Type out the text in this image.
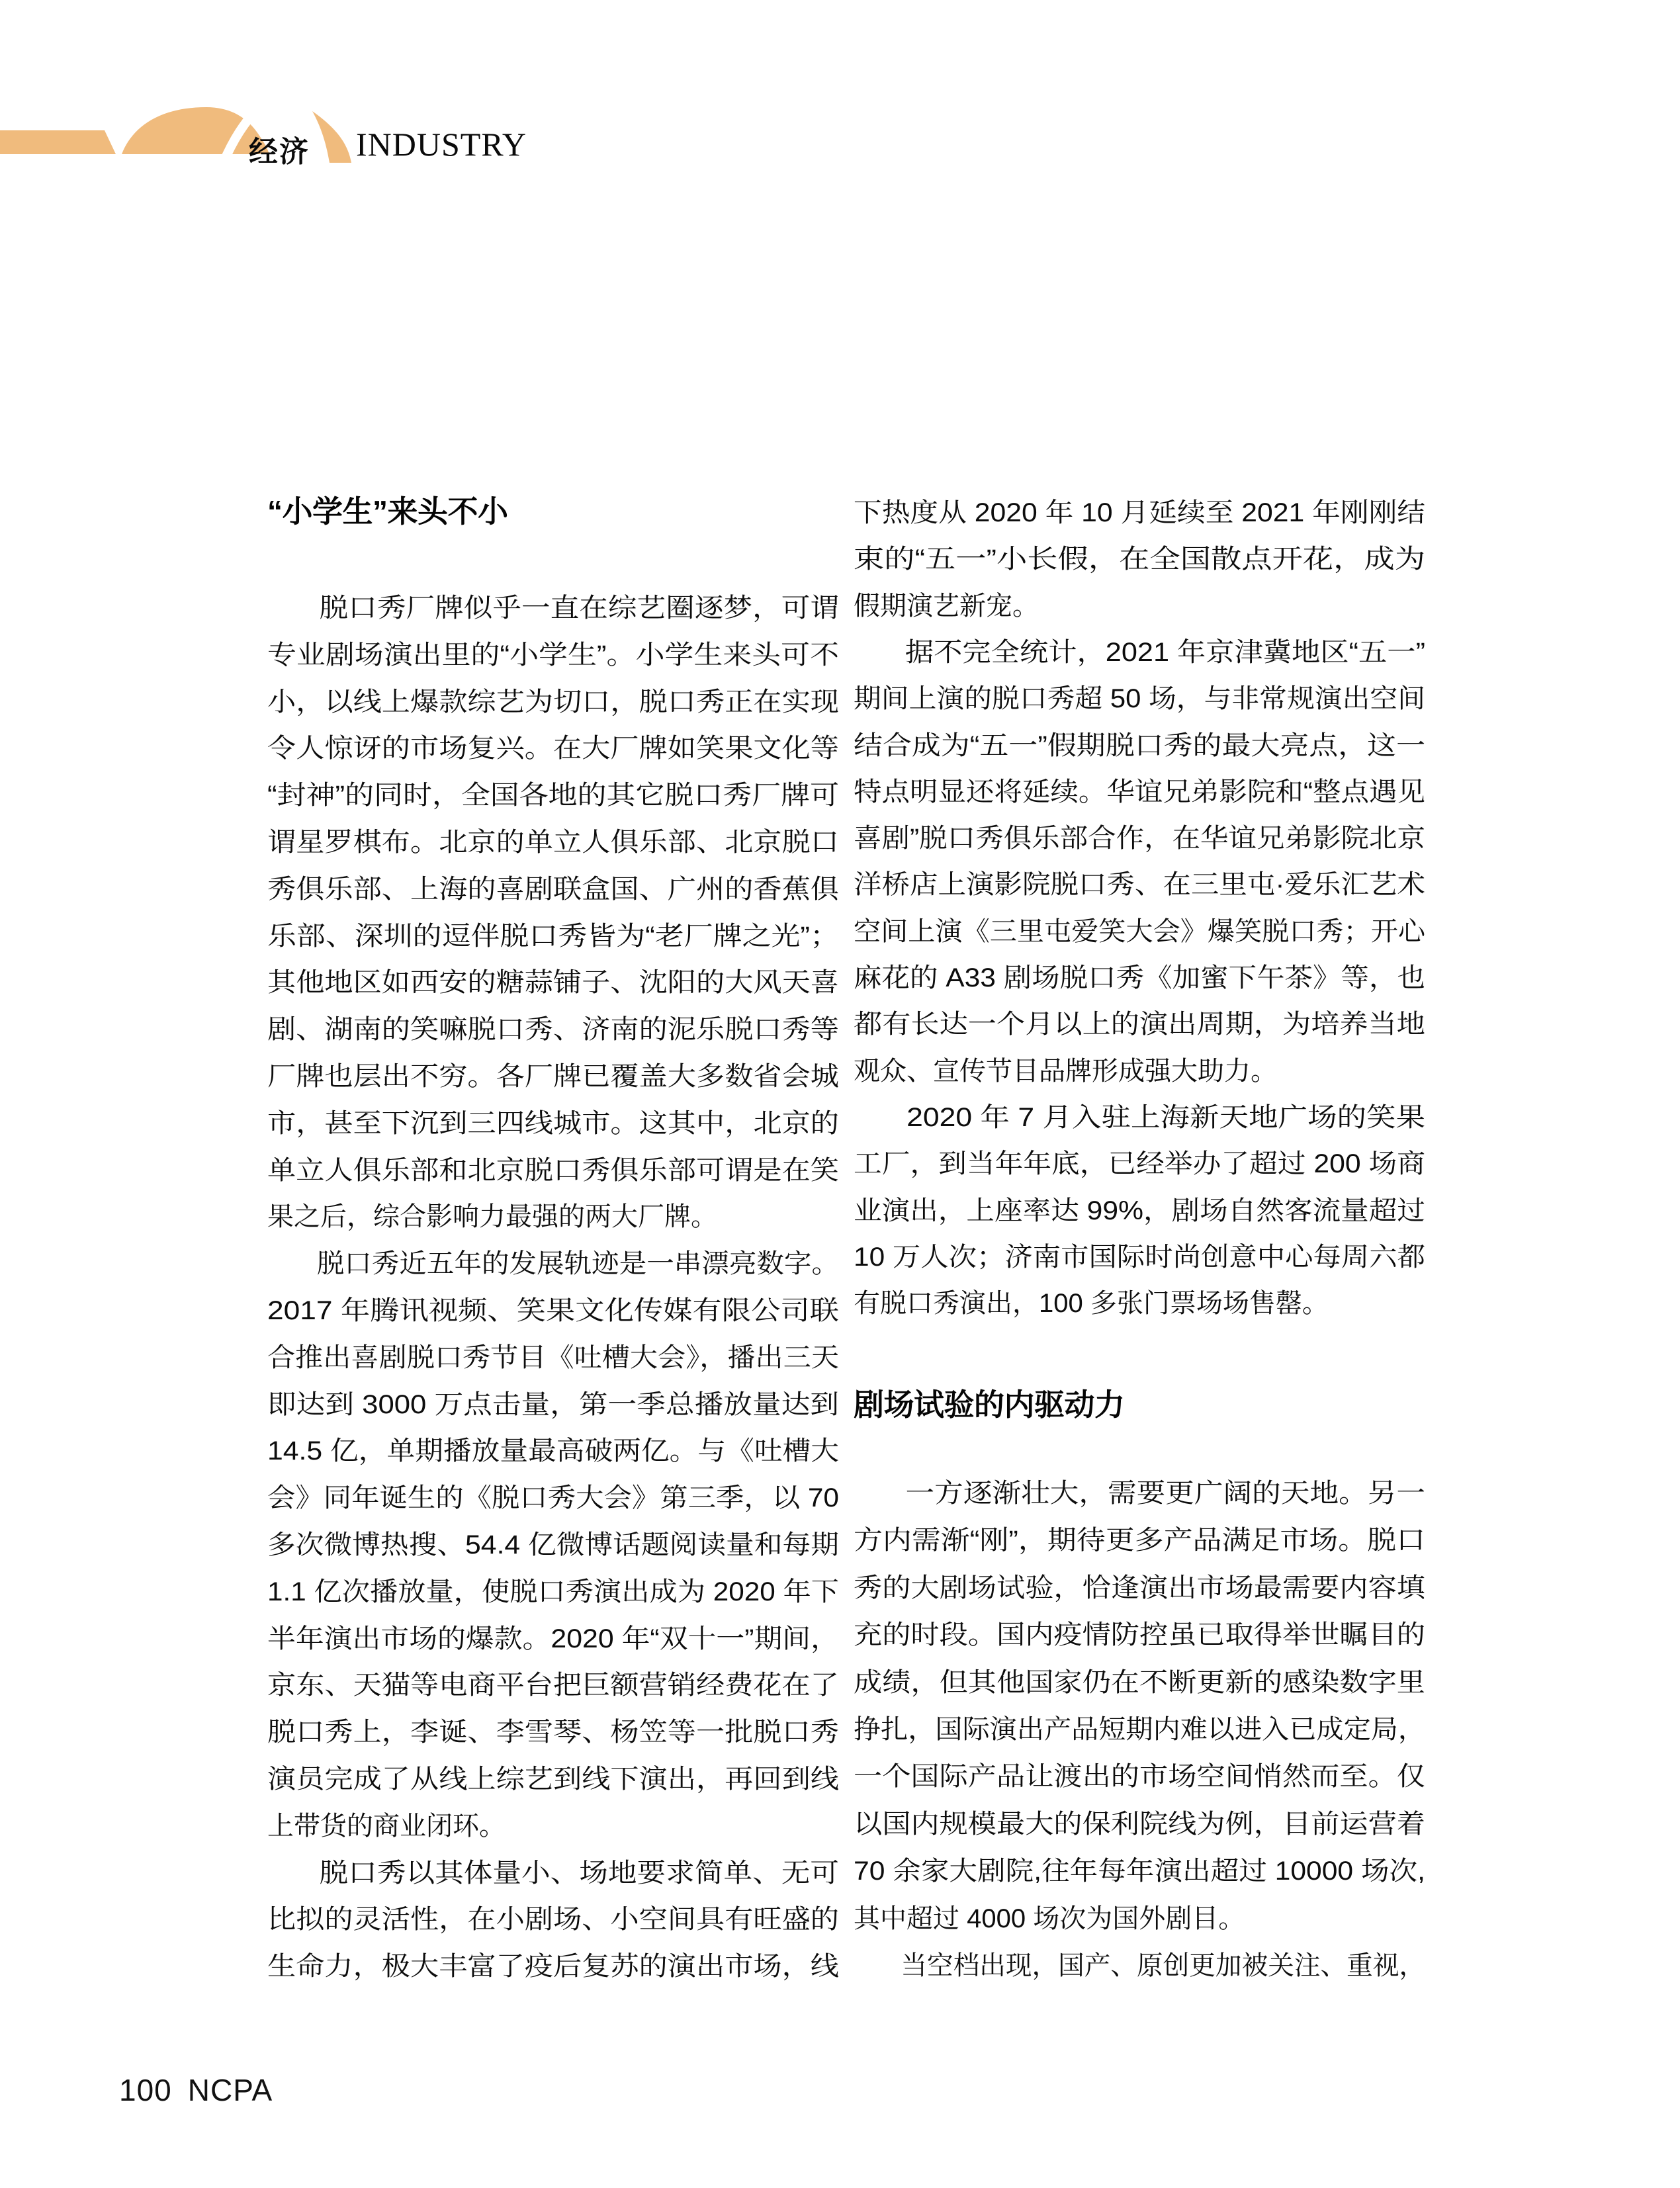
经济 INDUSTRY
“小学生”来头不小
脱口秀厂牌似乎一直在综艺圈逐梦，可谓
专业剧场演出里的“小学生”。小学生来头可不
小，以线上爆款综艺为切口，脱口秀正在实现
令人惊讶的市场复兴。在大厂牌如笑果文化等
“封神”的同时，全国各地的其它脱口秀厂牌可
谓星罗棋布。北京的单立人俱乐部、北京脱口
秀俱乐部、上海的喜剧联盒国、广州的香蕉俱
乐部、深圳的逗伴脱口秀皆为“老厂牌之光”；
其他地区如西安的糖蒜铺子、沈阳的大风天喜
剧、湖南的笑嘛脱口秀、济南的泥乐脱口秀等
厂牌也层出不穷。各厂牌已覆盖大多数省会城
市，甚至下沉到三四线城市。这其中，北京的
单立人俱乐部和北京脱口秀俱乐部可谓是在笑
果之后，综合影响力最强的两大厂牌。
脱口秀近五年的发展轨迹是一串漂亮数字。
2017 年腾讯视频、笑果文化传媒有限公司联
合推出喜剧脱口秀节目《吐槽大会》，播出三天
即达到 3000 万点击量，第一季总播放量达到
14.5 亿，单期播放量最高破两亿。与《吐槽大
会》同年诞生的《脱口秀大会》第三季，以 70
多次微博热搜、54.4 亿微博话题阅读量和每期
1.1 亿次播放量，使脱口秀演出成为 2020 年下
半年演出市场的爆款。2020 年“双十一”期间，
京东、天猫等电商平台把巨额营销经费花在了
脱口秀上，李诞、李雪琴、杨笠等一批脱口秀
演员完成了从线上综艺到线下演出，再回到线
上带货的商业闭环。
脱口秀以其体量小、场地要求简单、无可
比拟的灵活性，在小剧场、小空间具有旺盛的
生命力，极大丰富了疫后复苏的演出市场，线
下热度从 2020 年 10 月延续至 2021 年刚刚结
束的“五一”小长假，在全国散点开花，成为
假期演艺新宠。
据不完全统计，2021 年京津冀地区“五一”
期间上演的脱口秀超 50 场，与非常规演出空间
结合成为“五一”假期脱口秀的最大亮点，这一
特点明显还将延续。华谊兄弟影院和“整点遇见
喜剧”脱口秀俱乐部合作，在华谊兄弟影院北京
洋桥店上演影院脱口秀、在三里屯·爱乐汇艺术
空间上演《三里屯爱笑大会》爆笑脱口秀；开心
麻花的 A33 剧场脱口秀《加蜜下午茶》等，也
都有长达一个月以上的演出周期，为培养当地
观众、宣传节目品牌形成强大助力。
2020 年 7 月入驻上海新天地广场的笑果
工厂，到当年年底，已经举办了超过 200 场商
业演出，上座率达 99%，剧场自然客流量超过
10 万人次；济南市国际时尚创意中心每周六都
有脱口秀演出，100 多张门票场场售罄。
剧场试验的内驱动力
一方逐渐壮大，需要更广阔的天地。另一
方内需渐“刚”，期待更多产品满足市场。脱口
秀的大剧场试验，恰逢演出市场最需要内容填
充的时段。国内疫情防控虽已取得举世瞩目的
成绩，但其他国家仍在不断更新的感染数字里
挣扎，国际演出产品短期内难以进入已成定局，
一个国际产品让渡出的市场空间悄然而至。仅
以国内规模最大的保利院线为例，目前运营着
70 余家大剧院,往年每年演出超过 10000 场次,
其中超过 4000 场次为国外剧目。
当空档出现，国产、原创更加被关注、重视，
100 NCPA
